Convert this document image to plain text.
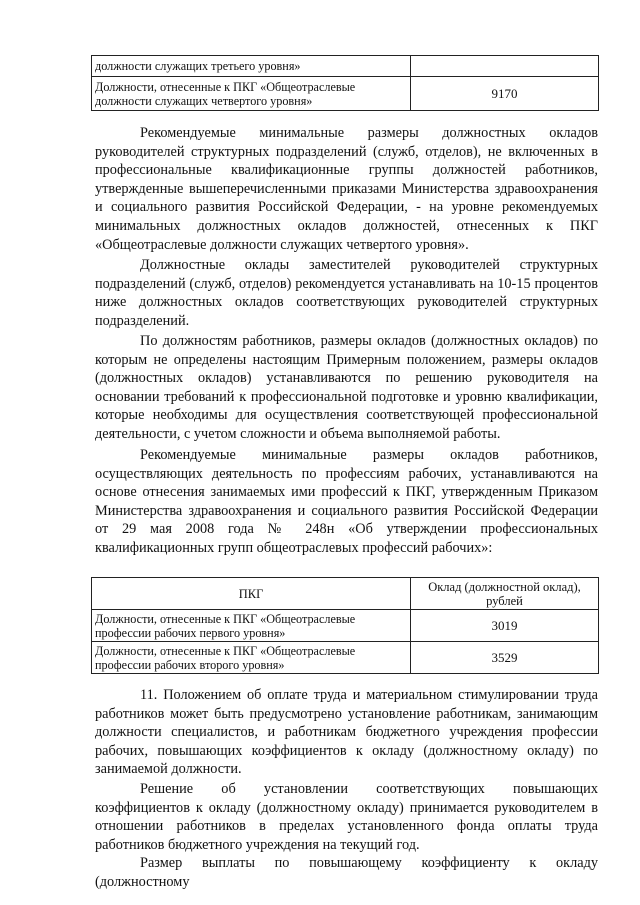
должности служащих третьего уровня»	
Должности, отнесенные к ПКГ «Общеотраслевые должности служащих четвертого уровня»	9170

Рекомендуемые минимальные размеры должностных окладов руководителей структурных подразделений (служб, отделов), не включенных в профессиональные квалификационные группы должностей работников, утвержденные вышеперечисленными приказами Министерства здравоохранения и социального развития Российской Федерации, - на уровне рекомендуемых минимальных должностных окладов должностей, отнесенных к ПКГ «Общеотраслевые должности служащих четвертого уровня».

Должностные оклады заместителей руководителей структурных подразделений (служб, отделов) рекомендуется устанавливать на 10-15 процентов ниже должностных окладов соответствующих руководителей структурных подразделений.

По должностям работников, размеры окладов (должностных окладов) по которым не определены настоящим Примерным положением, размеры окладов (должностных окладов) устанавливаются по решению руководителя на основании требований к профессиональной подготовке и уровню квалификации, которые необходимы для осуществления соответствующей профессиональной деятельности, с учетом сложности и объема выполняемой работы.

Рекомендуемые минимальные размеры окладов работников, осуществляющих деятельность по профессиям рабочих, устанавливаются на основе отнесения занимаемых ими профессий к ПКГ, утвержденным Приказом Министерства здравоохранения и социального развития Российской Федерации от 29 мая 2008 года № 248н «Об утверждении профессиональных квалификационных групп общеотраслевых профессий рабочих»:

ПКГ	Оклад (должностной оклад), рублей
Должности, отнесенные к ПКГ «Общеотраслевые профессии рабочих первого уровня»	3019
Должности, отнесенные к ПКГ «Общеотраслевые профессии рабочих второго уровня»	3529

11. Положением об оплате труда и материальном стимулировании труда работников может быть предусмотрено установление работникам, занимающим должности специалистов, и работникам бюджетного учреждения профессии рабочих, повышающих коэффициентов к окладу (должностному окладу) по занимаемой должности.

Решение об установлении соответствующих повышающих коэффициентов к окладу (должностному окладу) принимается руководителем в отношении работников в пределах установленного фонда оплаты труда работников бюджетного учреждения на текущий год.

Размер выплаты по повышающему коэффициенту к окладу (должностному
